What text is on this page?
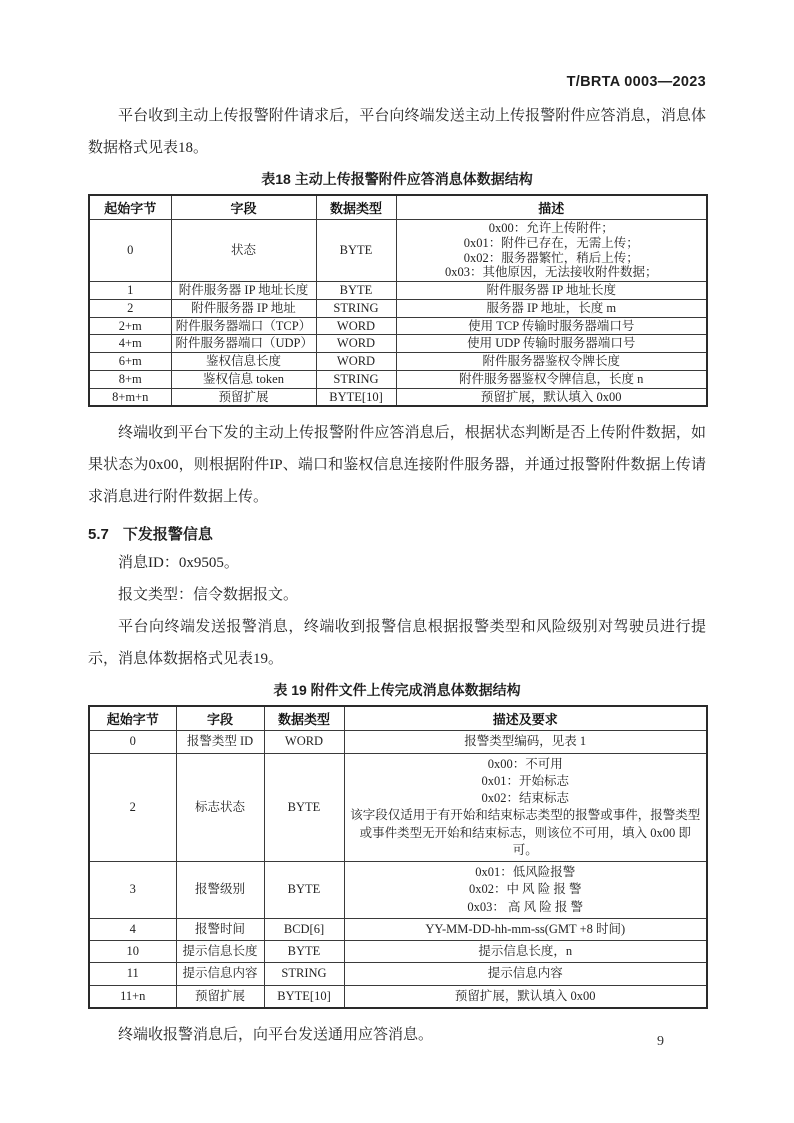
T/BRTA 0003—2023

平台收到主动上传报警附件请求后，平台向终端发送主动上传报警附件应答消息，消息体数据格式见表18。

表18 主动上传报警附件应答消息体数据结构
起始字节	字段	数据类型	描述
0	状态	BYTE	0x00：允许上传附件；
0x01：附件已存在，无需上传；
0x02：服务器繁忙，稍后上传；
0x03：其他原因，无法接收附件数据；

1	附件服务器 IP 地址长度	BYTE	附件服务器 IP 地址长度
2	附件服务器 IP 地址	STRING	服务器 IP 地址，长度 m
2+m	附件服务器端口（TCP）	WORD	使用 TCP 传输时服务器端口号
4+m	附件服务器端口（UDP）	WORD	使用 UDP 传输时服务器端口号
6+m	鉴权信息长度	WORD	附件服务器鉴权令牌长度
8+m	鉴权信息 token	STRING	附件服务器鉴权令牌信息，长度 n
8+m+n	预留扩展	BYTE[10]	预留扩展，默认填入 0x00

终端收到平台下发的主动上传报警附件应答消息后，根据状态判断是否上传附件数据，如果状态为0x00，则根据附件IP、端口和鉴权信息连接附件服务器，并通过报警附件数据上传请求消息进行附件数据上传。

5.7 下发报警信息

消息ID：0x9505。

报文类型：信令数据报文。

平台向终端发送报警消息，终端收到报警信息根据报警类型和风险级别对驾驶员进行提示，消息体数据格式见表19。

表 19 附件文件上传完成消息体数据结构
起始字节	字段	数据类型	描述及要求
0	报警类型 ID	WORD	报警类型编码，见表 1
2	标志状态	BYTE	0x00：不可用
0x01：开始标志
0x02：结束标志
该字段仅适用于有开始和结束标志类型的报警或事件，报警类型或事件类型无开始和结束标志，则该位不可用，填入 0x00 即可。

3	报警级别	BYTE	0x01：低风险报警
0x02：中 风 险 报 警
0x03： 高 风 险 报 警

4	报警时间	BCD[6]	YY-MM-DD-hh-mm-ss(GMT +8 时间)
10	提示信息长度	BYTE	提示信息长度，n
11	提示信息内容	STRING	提示信息内容
11+n	预留扩展	BYTE[10]	预留扩展，默认填入 0x00

终端收报警消息后，向平台发送通用应答消息。	9
